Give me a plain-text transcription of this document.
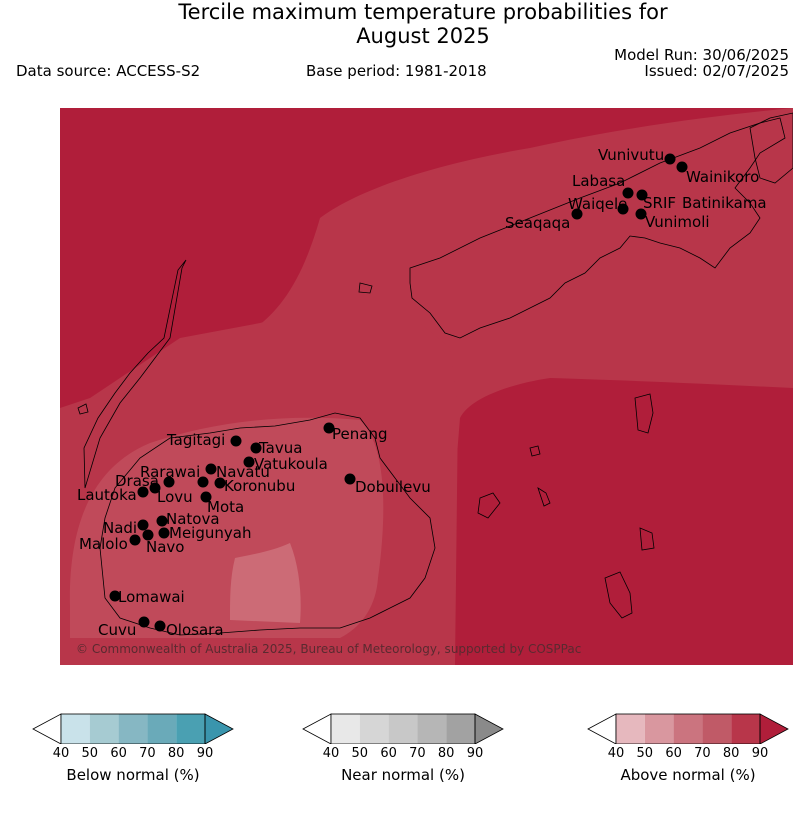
Tercile maximum temperature probabilities for
August 2025
Data source: ACCESS-S2	Base period: 1981-2018
Model Run: 30/06/2025
Issued: 02/07/2025
Vunivutu
Wainikoro
Labasa
SRIF Batinikama
Waiqele
Seaqaqa	Vunimoli
Penang
Dobuilevu
Tagitagi Tavua
Vatukoula
Rarawai Navatu
Drasa	Koronubu
Lautoka Lovu
Mota
Nadi Natova
Meigunyah
Malolo Navo
Lomawai
Cuvu Olosara
© Commonwealth of Australia 2025, Bureau of Meteorology, supported by COSPPac
40 50 60 70 80 90
Below normal (%)
40 50 60 70 80 90
Near normal (%)
40 50 60 70 80 90
Above normal (%)
